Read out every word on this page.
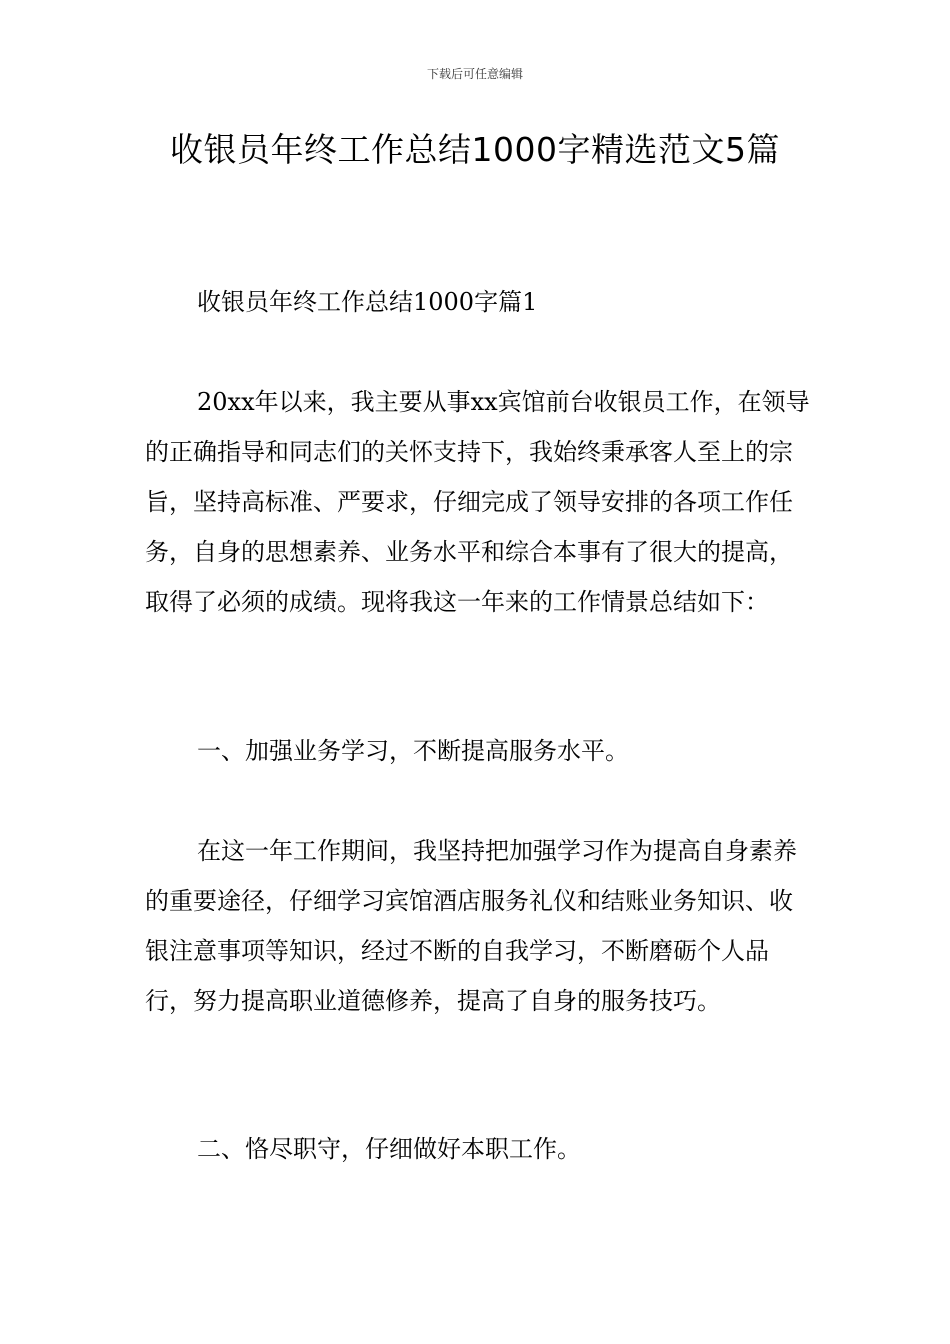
下载后可任意编辑
收银员年终工作总结1000字精选范文5篇

收银员年终工作总结1000字篇1

20xx年以来，我主要从事xx宾馆前台收银员工作，在领导的正确指导和同志们的关怀支持下，我始终秉承客人至上的宗旨，坚持高标准、严要求，仔细完成了领导安排的各项工作任务，自身的思想素养、业务水平和综合本事有了很大的提高，取得了必须的成绩。现将我这一年来的工作情景总结如下：

一、加强业务学习，不断提高服务水平。

在这一年工作期间，我坚持把加强学习作为提高自身素养的重要途径，仔细学习宾馆酒店服务礼仪和结账业务知识、收银注意事项等知识，经过不断的自我学习，不断磨砺个人品行，努力提高职业道德修养，提高了自身的服务技巧。

二、恪尽职守，仔细做好本职工作。
